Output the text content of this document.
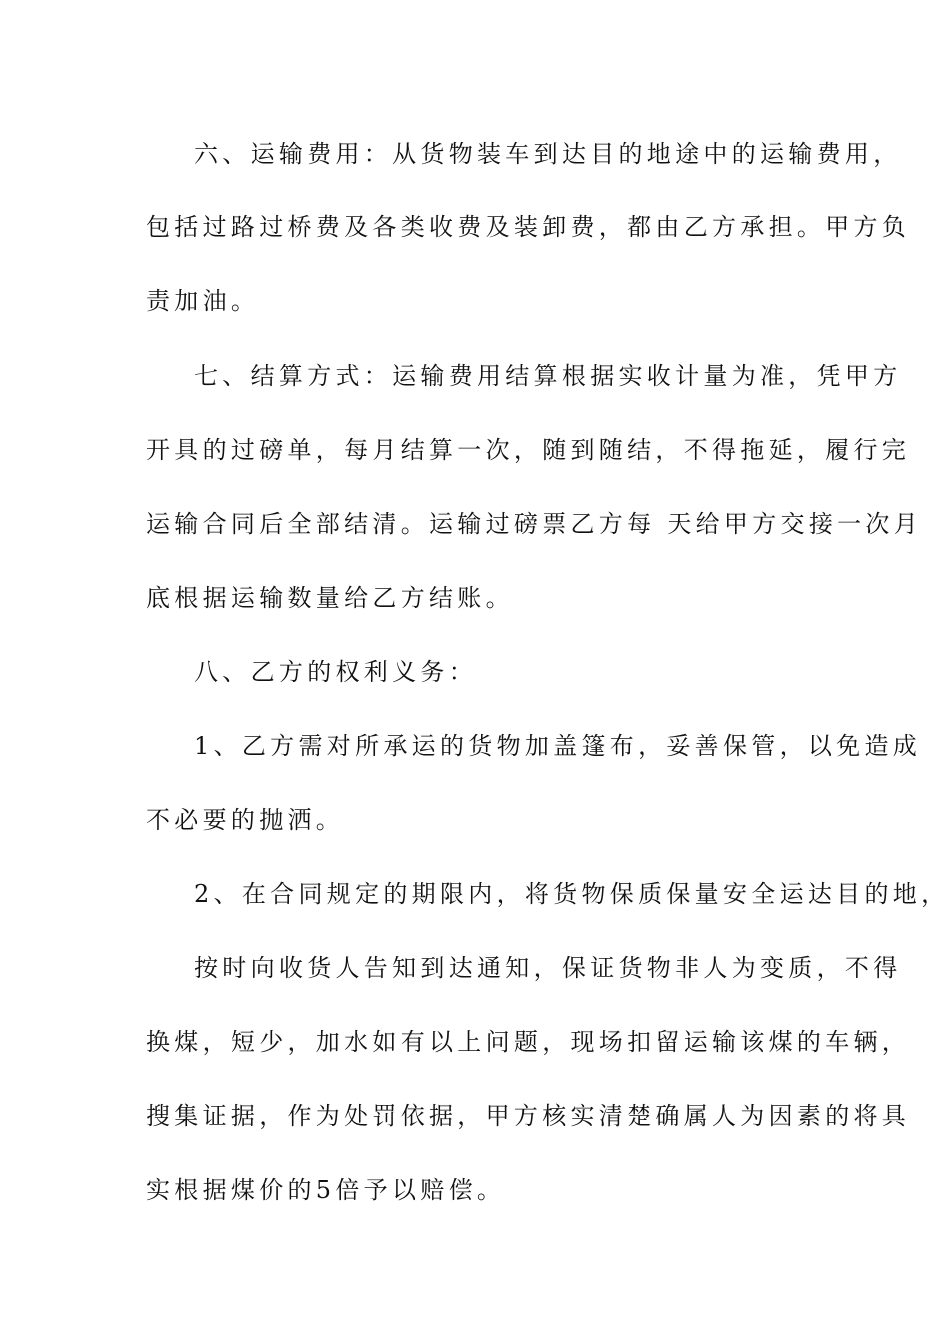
六、运输费用：从货物装车到达目的地途中的运输费用，
包括过路过桥费及各类收费及装卸费，都由乙方承担。甲方负
责加油。
七、结算方式：运输费用结算根据实收计量为准，凭甲方
开具的过磅单，每月结算一次，随到随结，不得拖延，履行完
运输合同后全部结清。运输过磅票乙方每 天给甲方交接一次月
底根据运输数量给乙方结账。
八、乙方的权利义务：
1、乙方需对所承运的货物加盖篷布，妥善保管，以免造成
不必要的抛洒。
2、在合同规定的期限内，将货物保质保量安全运达目的地，
按时向收货人告知到达通知，保证货物非人为变质，不得
换煤，短少，加水如有以上问题，现场扣留运输该煤的车辆，
搜集证据，作为处罚依据，甲方核实清楚确属人为因素的将具
实根据煤价的5倍予以赔偿。
